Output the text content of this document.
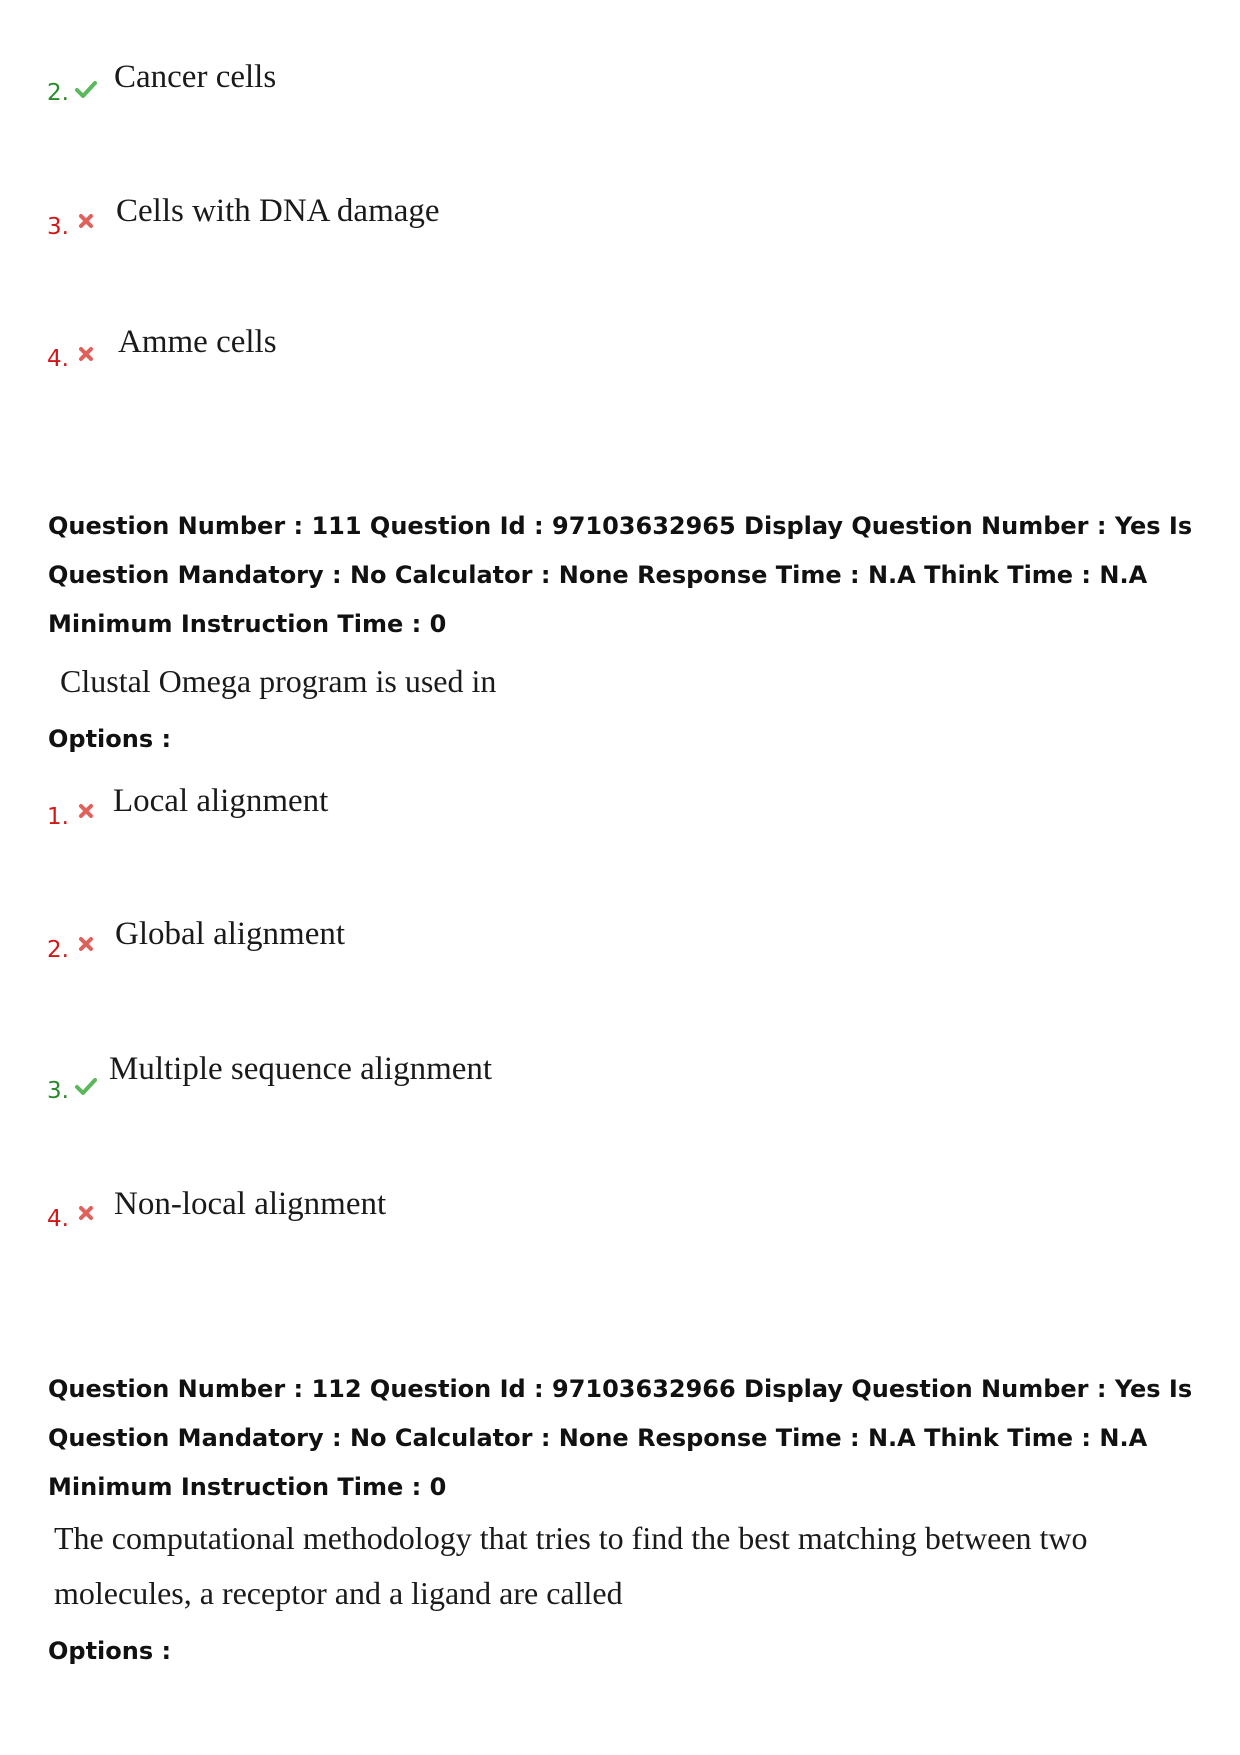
2. Cancer cells
3. Cells with DNA damage
4. Amme cells
Question Number : 111 Question Id : 97103632965 Display Question Number : Yes Is Question Mandatory : No Calculator : None Response Time : N.A Think Time : N.A Minimum Instruction Time : 0
Clustal Omega program is used in
Options :
1. Local alignment
2. Global alignment
3.
Multiple sequence alignment
4. Non-local alignment
Question Number : 112 Question Id : 97103632966 Display Question Number : Yes Is Question Mandatory : No Calculator : None Response Time : N.A Think Time : N.A Minimum Instruction Time : 0
The computational methodology that tries to find the best matching between two
molecules, a receptor and a ligand are called
Options :
